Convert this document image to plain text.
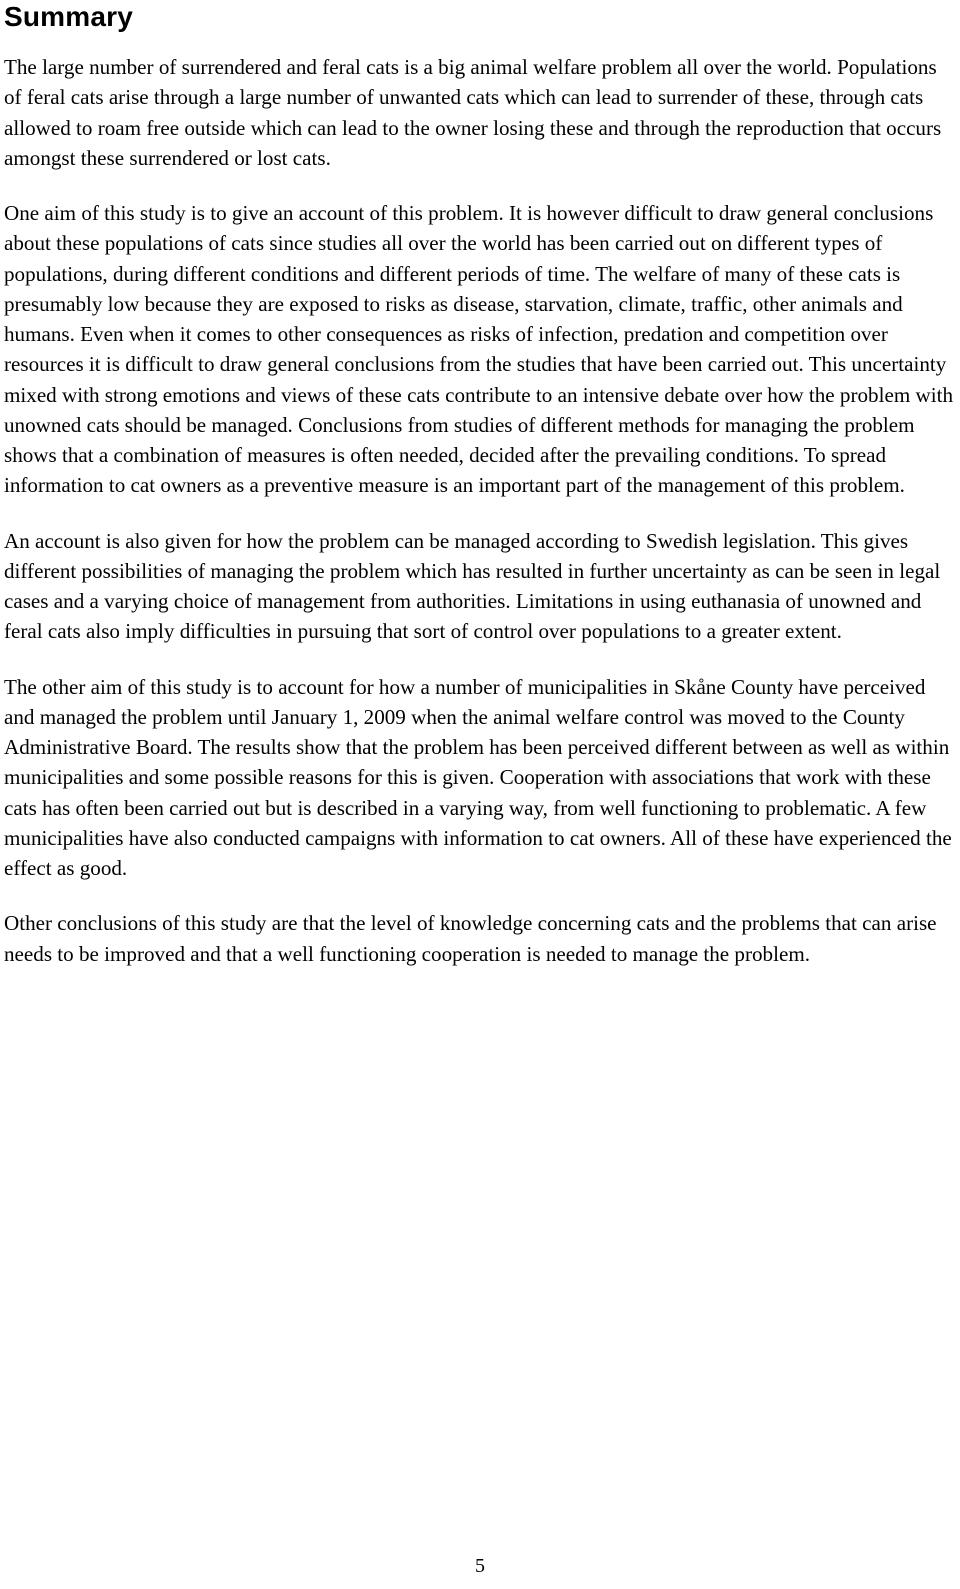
Summary

The large number of surrendered and feral cats is a big animal welfare problem all over the world. Populations of feral cats arise through a large number of unwanted cats which can lead to surrender of these, through cats allowed to roam free outside which can lead to the owner losing these and through the reproduction that occurs amongst these surrendered or lost cats.

One aim of this study is to give an account of this problem. It is however difficult to draw general conclusions about these populations of cats since studies all over the world has been carried out on different types of populations, during different conditions and different periods of time. The welfare of many of these cats is presumably low because they are exposed to risks as disease, starvation, climate, traffic, other animals and humans. Even when it comes to other consequences as risks of infection, predation and competition over resources it is difficult to draw general conclusions from the studies that have been carried out. This uncertainty mixed with strong emotions and views of these cats contribute to an intensive debate over how the problem with unowned cats should be managed. Conclusions from studies of different methods for managing the problem shows that a combination of measures is often needed, decided after the prevailing conditions. To spread information to cat owners as a preventive measure is an important part of the management of this problem.

An account is also given for how the problem can be managed according to Swedish legislation. This gives different possibilities of managing the problem which has resulted in further uncertainty as can be seen in legal cases and a varying choice of management from authorities. Limitations in using euthanasia of unowned and feral cats also imply difficulties in pursuing that sort of control over populations to a greater extent.

The other aim of this study is to account for how a number of municipalities in Skåne County have perceived and managed the problem until January 1, 2009 when the animal welfare control was moved to the County Administrative Board. The results show that the problem has been perceived different between as well as within municipalities and some possible reasons for this is given. Cooperation with associations that work with these cats has often been carried out but is described in a varying way, from well functioning to problematic. A few municipalities have also conducted campaigns with information to cat owners. All of these have experienced the effect as good.

Other conclusions of this study are that the level of knowledge concerning cats and the problems that can arise needs to be improved and that a well functioning cooperation is needed to manage the problem.

5
